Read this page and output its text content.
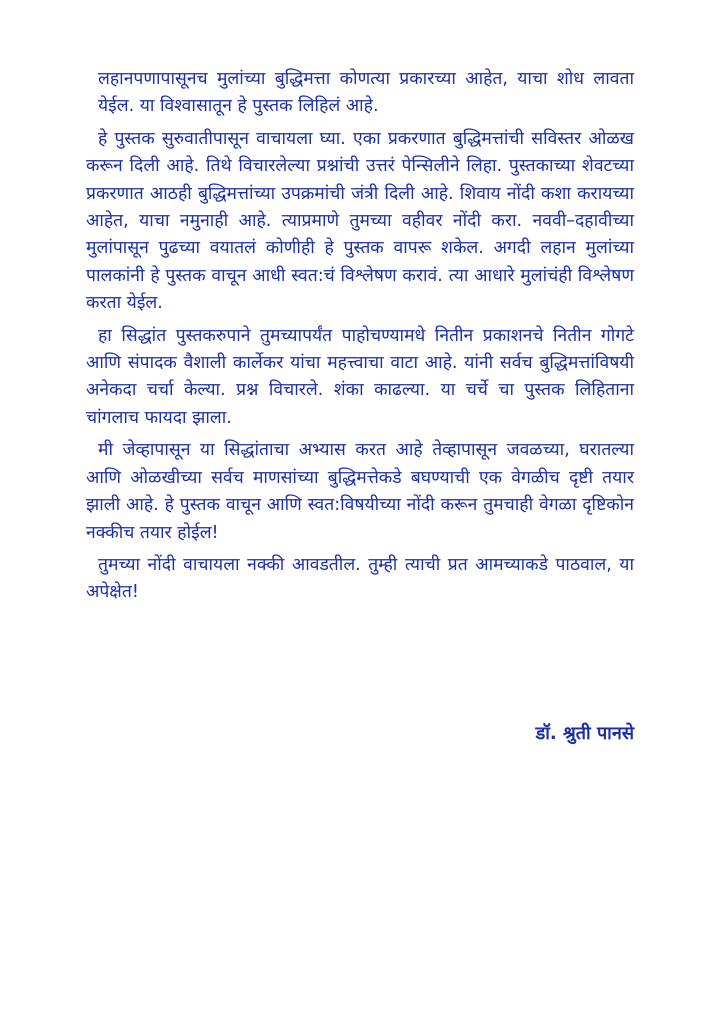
लहानपणापासूनच मुलांच्या बुद्धिमत्ता कोणत्या प्रकारच्या आहेत, याचा शोध लावता येईल. या विश्वासातून हे पुस्तक लिहिलं आहे.

हे पुस्तक सुरुवातीपासून वाचायला घ्या. एका प्रकरणात बुद्धिमत्तांची सविस्तर ओळख करून दिली आहे. तिथे विचारलेल्या प्रश्नांची उत्तरं पेन्सिलीने लिहा. पुस्तकाच्या शेवटच्या प्रकरणात आठही बुद्धिमत्तांच्या उपक्रमांची जंत्री दिली आहे. शिवाय नोंदी कशा करायच्या आहेत, याचा नमुनाही आहे. त्याप्रमाणे तुमच्या वहीवर नोंदी करा. नववी–दहावीच्या मुलांपासून पुढच्या वयातलं कोणीही हे पुस्तक वापरू शकेल. अगदी लहान मुलांच्या पालकांनी हे पुस्तक वाचून आधी स्वत:चं विश्लेषण करावं. त्या आधारे मुलांचंही विश्लेषण करता येईल.

हा सिद्धांत पुस्तकरुपाने तुमच्यापर्यंत पाहोचण्यामधे नितीन प्रकाशनचे नितीन गोगटे आणि संपादक वैशाली कार्लेकर यांचा महत्त्वाचा वाटा आहे. यांनी सर्वच बुद्धिमत्तांविषयी अनेकदा चर्चा केल्या. प्रश्न विचारले. शंका काढल्या. या चर्चे चा पुस्तक लिहिताना चांगलाच फायदा झाला.

मी जेव्हापासून या सिद्धांताचा अभ्यास करत आहे तेव्हापासून जवळच्या, घरातल्या आणि ओळखीच्या सर्वच माणसांच्या बुद्धिमत्तेकडे बघण्याची एक वेगळीच दृष्टी तयार झाली आहे. हे पुस्तक वाचून आणि स्वत:विषयीच्या नोंदी करून तुमचाही वेगळा दृष्टिकोन नक्कीच तयार होईल!

तुमच्या नोंदी वाचायला नक्की आवडतील. तुम्ही त्याची प्रत आमच्याकडे पाठवाल, या अपेक्षेत!

डॉ. श्रुती पानसे
